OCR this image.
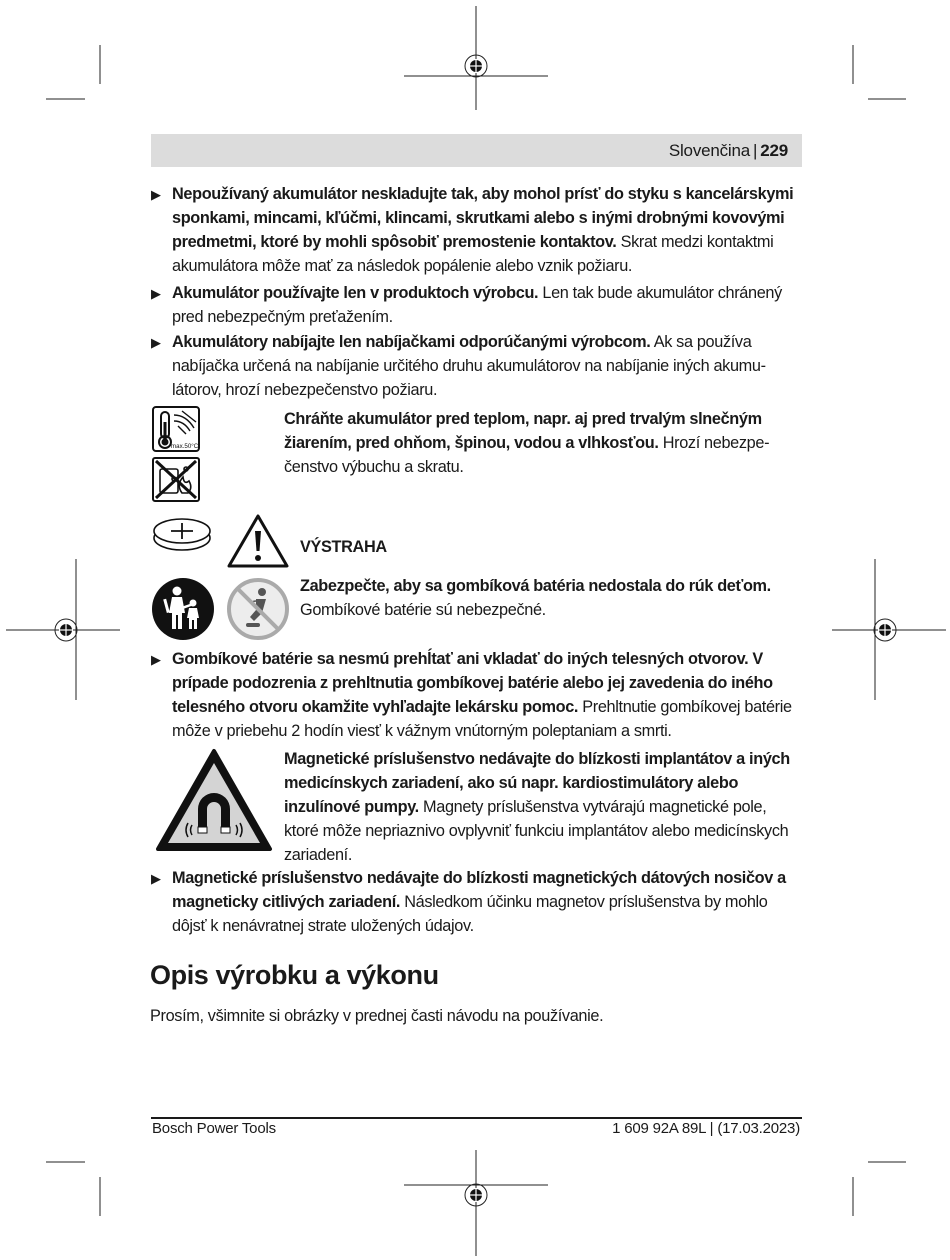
Slovenčina | 229
▶ Nepoužívaný akumulátor neskladujte tak, aby mohol prísť do styku s kancelárskymi sponkami, mincami, kľúčmi, klincami, skrutkami alebo s inými drobnými kovovými predmetmi, ktoré by mohli spôsobiť premostenie kontaktov. Skrat medzi kontaktmi akumulátora môže mať za následok popálenie alebo vznik požiaru.
▶ Akumulátor používajte len v produktoch výrobcu. Len tak bude akumulátor chránený pred nebezpečným preťažením.
▶ Akumulátory nabíjajte len nabíjačkami odporúčanými výrobcom. Ak sa používa nabíjačka určená na nabíjanie určitého druhu akumulátorov na nabíjanie iných akumulátorov, hrozí nebezpečenstvo požiaru.
max.50°C
Chráňte akumulátor pred teplom, napr. aj pred trvalým slnečným žiarením, pred ohňom, špinou, vodou a vlhkosťou. Hrozí nebezpečenstvo výbuchu a skratu.
VÝSTRAHA
Zabezpečte, aby sa gombíková batéria nedostala do rúk deťom.
Gombíkové batérie sú nebezpečné.
▶ Gombíkové batérie sa nesmú prehĺtať ani vkladať do iných telesných otvorov. V prípade podozrenia z prehltnutia gombíkovej batérie alebo jej zavedenia do iného telesného otvoru okamžite vyhľadajte lekársku pomoc. Prehltnutie gombíkovej batérie môže v priebehu 2 hodín viesť k vážnym vnútorným poleptaniam a smrti.
Magnetické príslušenstvo nedávajte do blízkosti implantátov a iných medicínskych zariadení, ako sú napr. kardiostimulátory alebo inzulínové pumpy. Magnety príslušenstva vytvárajú magnetické pole, ktoré môže nepriaznivo ovplyvniť funkciu implantátov alebo medicínskych zariadení.
▶ Magnetické príslušenstvo nedávajte do blízkosti magnetických dátových nosičov a magneticky citlivých zariadení. Následkom účinku magnetov príslušenstva by mohlo dôjsť k nenávratnej strate uložených údajov.
Opis výrobku a výkonu
Prosím, všimnite si obrázky v prednej časti návodu na používanie.
Bosch Power Tools	1 609 92A 89L | (17.03.2023)
